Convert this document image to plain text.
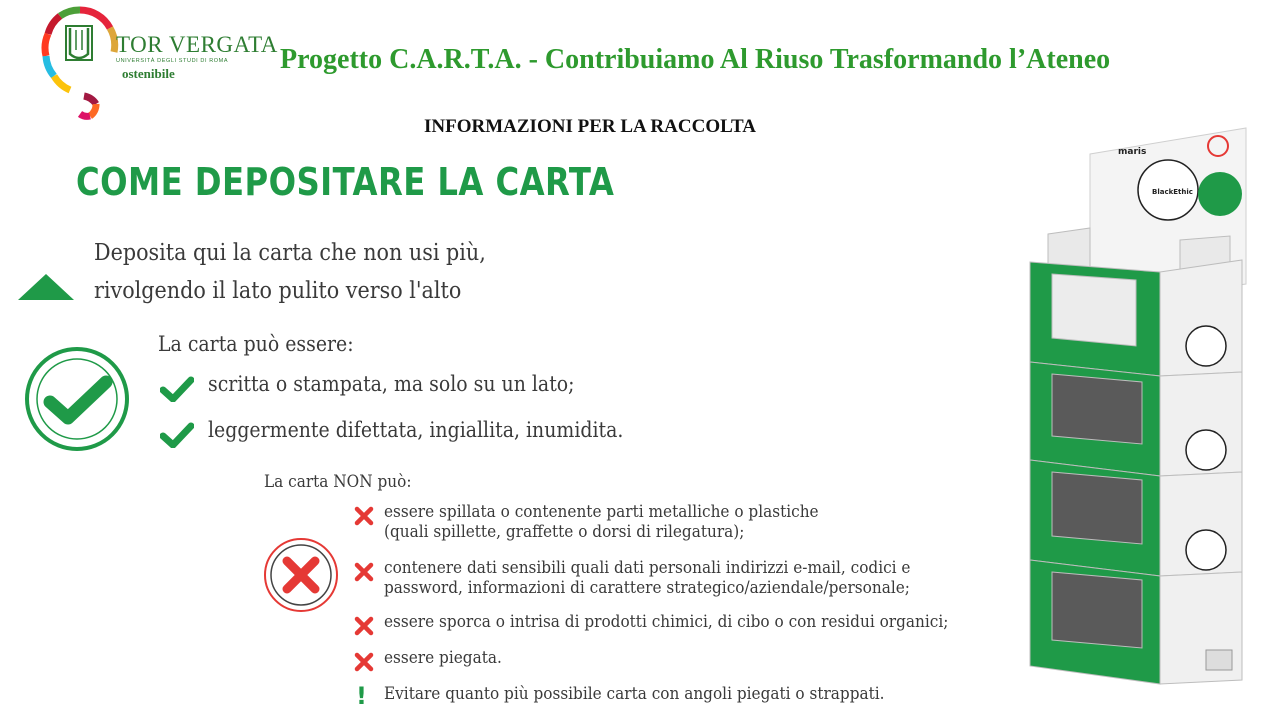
TOR VERGATA
UNIVERSITÀ DEGLI STUDI DI ROMA
ostenibile	Progetto C.A.R.T.A. - Contribuiamo Al Riuso Trasformando l’Ateneo
INFORMAZIONI PER LA RACCOLTA
COME DEPOSITARE LA CARTA
Deposita qui la carta che non usi più,
rivolgendo il lato pulito verso l'alto
La carta può essere:
scritta o stampata, ma solo su un lato;
leggermente difettata, ingiallita, inumidita.
La carta NON può:
essere spillata o contenente parti metalliche o plastiche
(quali spillette, graffette o dorsi di rilegatura);
contenere dati sensibili quali dati personali indirizzi e-mail, codici e
password, informazioni di carattere strategico/aziendale/personale;
essere sporca o intrisa di prodotti chimici, di cibo o con residui organici;
essere piegata.
! Evitare quanto più possibile carta con angoli piegati o strappati.
maris
BlackEthic
